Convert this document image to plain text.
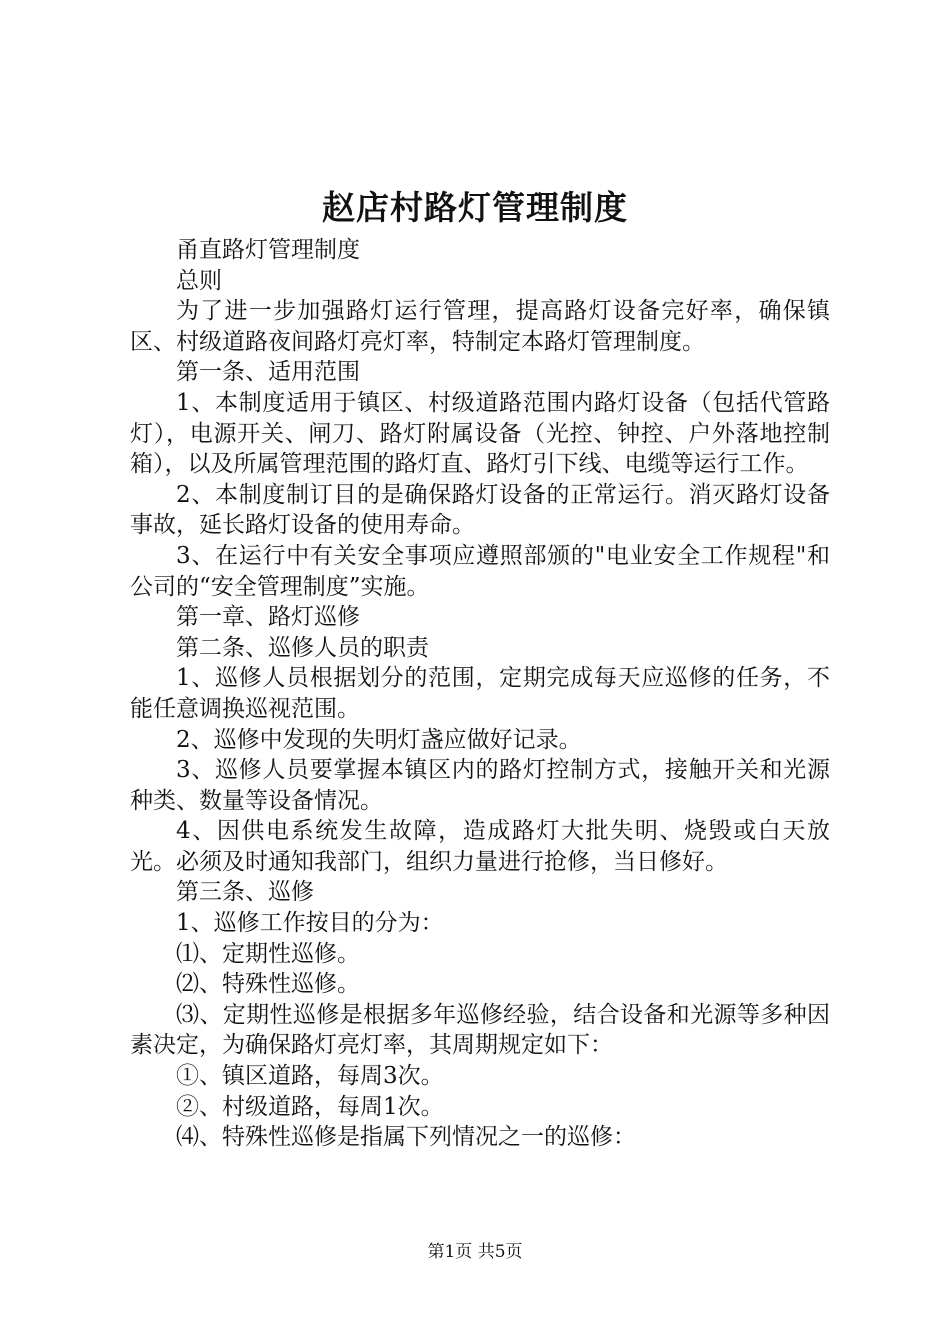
赵店村路灯管理制度

甬直路灯管理制度

总则

为了进一步加强路灯运行管理，提高路灯设备完好率，确保镇区、村级道路夜间路灯亮灯率，特制定本路灯管理制度。

第一条、适用范围

1、本制度适用于镇区、村级道路范围内路灯设备（包括代管路灯），电源开关、闸刀、路灯附属设备（光控、钟控、户外落地控制箱），以及所属管理范围的路灯直、路灯引下线、电缆等运行工作。

2、本制度制订目的是确保路灯设备的正常运行。消灭路灯设备事故，延长路灯设备的使用寿命。

3、在运行中有关安全事项应遵照部颁的"电业安全工作规程"和公司的“安全管理制度”实施。

第一章、路灯巡修

第二条、巡修人员的职责

1、巡修人员根据划分的范围，定期完成每天应巡修的任务，不能任意调换巡视范围。

2、巡修中发现的失明灯盏应做好记录。

3、巡修人员要掌握本镇区内的路灯控制方式，接触开关和光源种类、数量等设备情况。

4、因供电系统发生故障，造成路灯大批失明、烧毁或白天放光。必须及时通知我部门，组织力量进行抢修，当日修好。

第三条、巡修

1、巡修工作按目的分为：

⑴、定期性巡修。

⑵、特殊性巡修。

⑶、定期性巡修是根据多年巡修经验，结合设备和光源等多种因素决定，为确保路灯亮灯率，其周期规定如下：

①、镇区道路，每周3次。

②、村级道路，每周1次。

⑷、特殊性巡修是指属下列情况之一的巡修：

第1页 共5页
